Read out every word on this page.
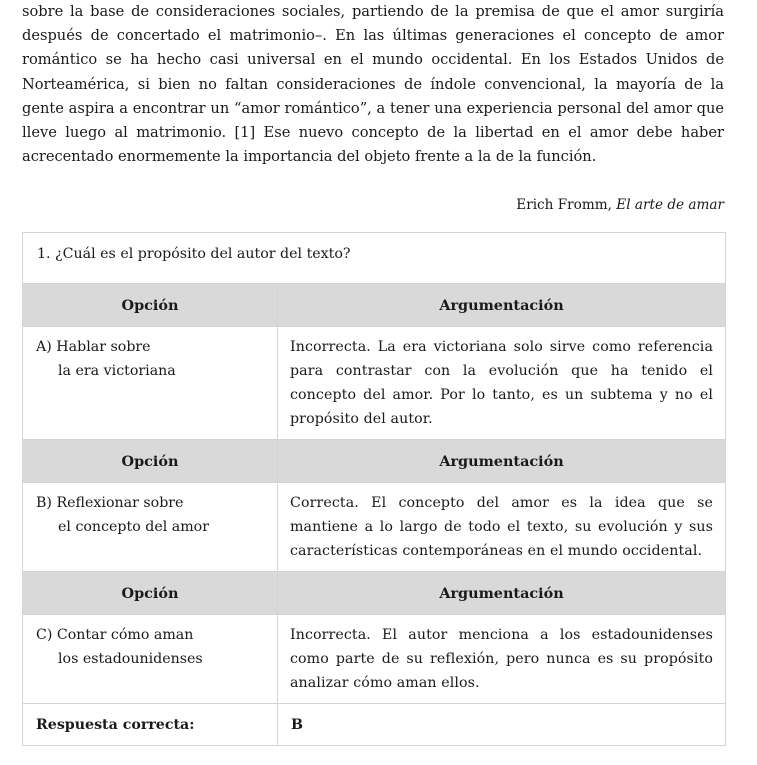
sobre la base de consideraciones sociales, partiendo de la premisa de que el amor surgiría después de concertado el matrimonio–. En las últimas generaciones el concepto de amor romántico se ha hecho casi universal en el mundo occidental. En los Estados Unidos de Norteamérica, si bien no faltan consideraciones de índole convencional, la mayoría de la gente aspira a encontrar un “amor romántico”, a tener una experiencia personal del amor que lleve luego al matrimonio. [1] Ese nuevo concepto de la libertad en el amor debe haber acrecentado enormemente la importancia del objeto frente a la de la función.

Erich Fromm, El arte de amar

1. ¿Cuál es el propósito del autor del texto?	
Opción	Argumentación
A) Hablar sobre
la era victoriana	Incorrecta. La era victoriana solo sirve como referencia para contrastar con la evolución que ha tenido el concepto del amor. Por lo tanto, es un subtema y no el propósito del autor.
Opción	Argumentación
B) Reflexionar sobre
el concepto del amor	Correcta. El concepto del amor es la idea que se mantiene a lo largo de todo el texto, su evolución y sus características contemporáneas en el mundo occidental.
Opción	Argumentación
C) Contar cómo aman
los estadounidenses	Incorrecta. El autor menciona a los estadounidenses como parte de su reflexión, pero nunca es su propósito analizar cómo aman ellos.
Respuesta correcta:	B
